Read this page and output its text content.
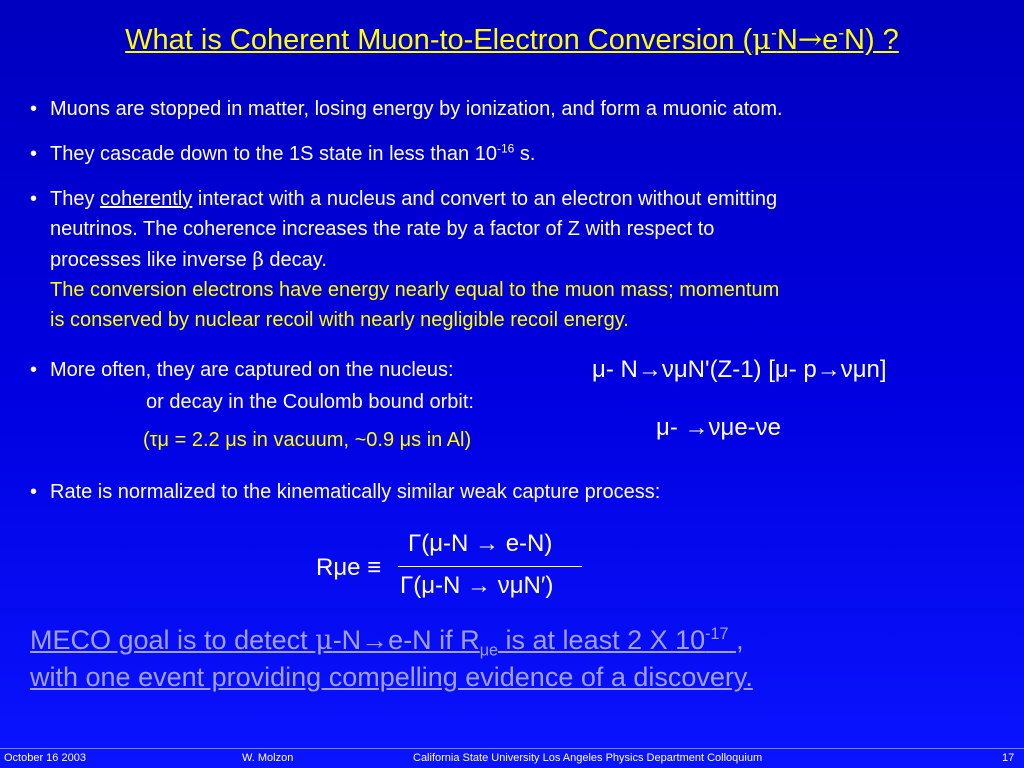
What is Coherent Muon-to-Electron Conversion (μ-N→e-N) ?
• Muons are stopped in matter, losing energy by ionization, and form a muonic atom.
• They cascade down to the 1S state in less than $10^{-16}$ s.
• They coherently interact with a nucleus and convert to an electron without emitting
neutrinos. The coherence increases the rate by a factor of Z with respect to
processes like inverse β decay.
The conversion electrons have energy nearly equal to the muon mass; momentum
is conserved by nuclear recoil with nearly negligible recoil energy.
• More often, they are captured on the nucleus:
or decay in the Coulomb bound orbit:
(τμ = 2.2 μs in vacuum, ~0.9 μs in Al)
μ- N→νμN'(Z-1) [μ- p→νμn]
μ- →νμe-νe
• Rate is normalized to the kinematically similar weak capture process:
Rμe ≡
Γ(μ-N → e-N)
Γ(μ-N → νμN′)
MECO goal is to detect μ-N→e-N if $R_{\mu e}$ is at least 2 X $10^{-17}$ ,
with one event providing compelling evidence of a discovery.
October 16 2003	W. Molzon	California State University Los Angeles Physics Department Colloquium	17
